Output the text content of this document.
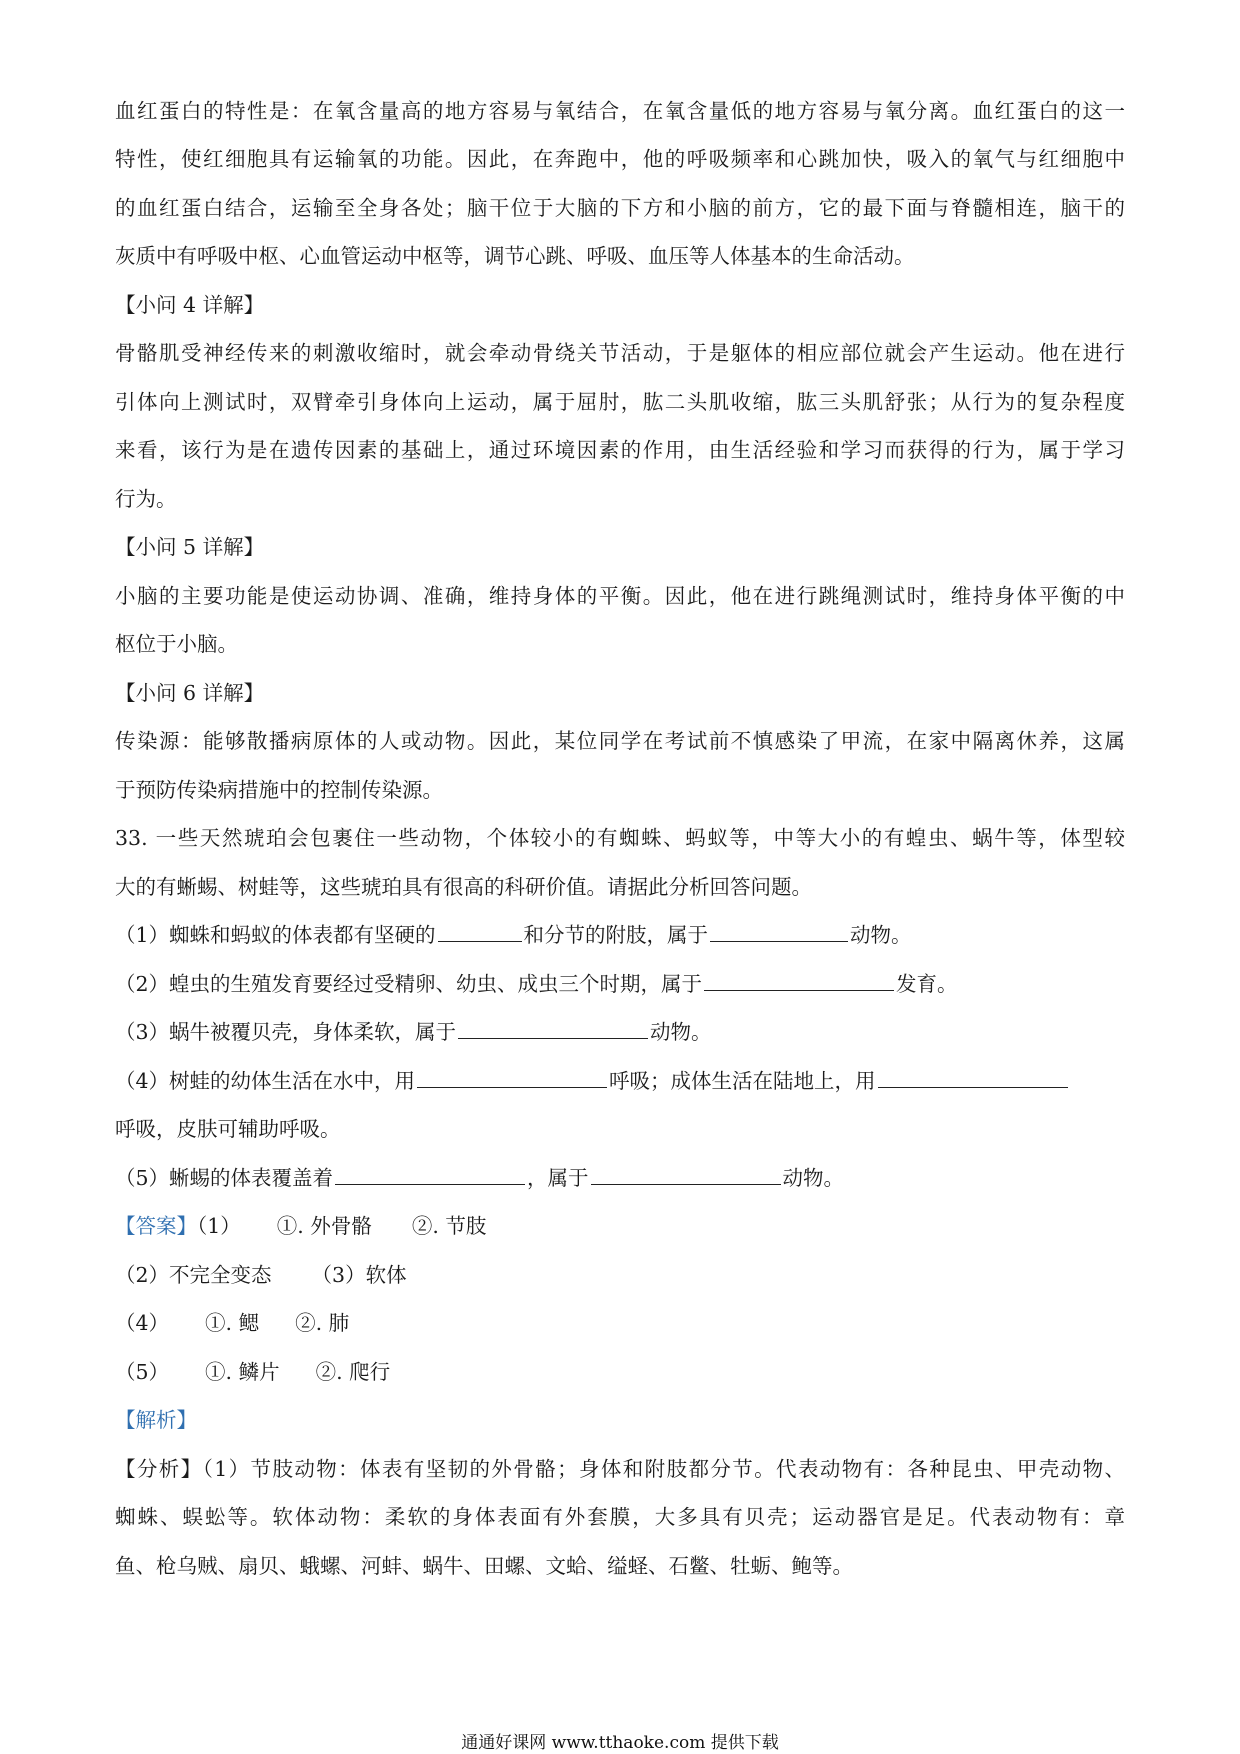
血红蛋白的特性是：在氧含量高的地方容易与氧结合，在氧含量低的地方容易与氧分离。血红蛋白的这一
特性，使红细胞具有运输氧的功能。因此，在奔跑中，他的呼吸频率和心跳加快，吸入的氧气与红细胞中
的血红蛋白结合，运输至全身各处；脑干位于大脑的下方和小脑的前方，它的最下面与脊髓相连，脑干的
灰质中有呼吸中枢、心血管运动中枢等，调节心跳、呼吸、血压等人体基本的生命活动。
【小问 4 详解】
骨骼肌受神经传来的刺激收缩时，就会牵动骨绕关节活动，于是躯体的相应部位就会产生运动。他在进行
引体向上测试时，双臂牵引身体向上运动，属于屈肘，肱二头肌收缩，肱三头肌舒张；从行为的复杂程度
来看，该行为是在遗传因素的基础上，通过环境因素的作用，由生活经验和学习而获得的行为，属于学习
行为。
【小问 5 详解】
小脑的主要功能是使运动协调、准确，维持身体的平衡。因此，他在进行跳绳测试时，维持身体平衡的中
枢位于小脑。
【小问 6 详解】
传染源：能够散播病原体的人或动物。因此，某位同学在考试前不慎感染了甲流，在家中隔离休养，这属
于预防传染病措施中的控制传染源。
33. 一些天然琥珀会包裹住一些动物，个体较小的有蜘蛛、蚂蚁等，中等大小的有蝗虫、蜗牛等，体型较
大的有蜥蜴、树蛙等，这些琥珀具有很高的科研价值。请据此分析回答问题。
（1）蜘蛛和蚂蚁的体表都有坚硬的	和分节的附肢，属于	动物。
（2）蝗虫的生殖发育要经过受精卵、幼虫、成虫三个时期，属于	发育。
（3）蜗牛被覆贝壳，身体柔软，属于	动物。
（4）树蛙的幼体生活在水中，用	呼吸；成体生活在陆地上，用
呼吸，皮肤可辅助呼吸。
（5）蜥蜴的体表覆盖着	，属于	动物。
【答案】（1） ①. 外骨骼 ②. 节肢
（2）不完全变态 （3）软体
（4） ①. 鳃 ②. 肺
（5） ①. 鳞片 ②. 爬行
【解析】
【分析】（1）节肢动物：体表有坚韧的外骨骼；身体和附肢都分节。代表动物有：各种昆虫、甲壳动物、
蜘蛛、蜈蚣等。软体动物：柔软的身体表面有外套膜，大多具有贝壳；运动器官是足。代表动物有：章
鱼、枪乌贼、扇贝、蛾螺、河蚌、蜗牛、田螺、文蛤、缢蛏、石鳖、牡蛎、鲍等。
通通好课网 www.tthaoke.com 提供下载
